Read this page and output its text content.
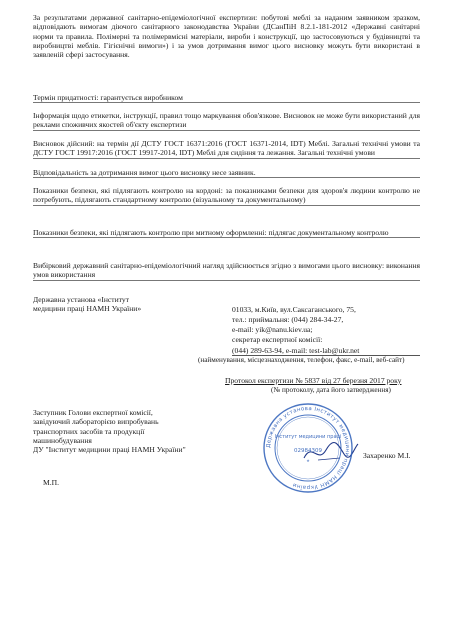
За результатами державної санітарно-епідеміологічної експертизи: побутові меблі за наданим заявником зразком, відповідають вимогам діючого санітарного законодавства України (ДСанПіН 8.2.1-181-2012 «Державні санітарні норми та правила. Полімерні та полімервмісні матеріали, вироби і конструкції, що застосовуються у будівництві та виробництві меблів. Гігієнічні вимоги») і за умов дотримання вимог цього висновку можуть бути використані в заявленій сфері застосування.
Термін придатності: гарантується виробником
Інформація щодо етикетки, інструкції, правил тощо маркування обов'язкове. Висновок не може бути використаний для реклами споживчих якостей об'єкту експертизи
Висновок дійсний: на термін дії ДСТУ ГОСТ 16371:2016 (ГОСТ 16371-2014, IDT) Меблі. Загальні технічні умови та ДСТУ ГОСТ 19917:2016 (ГОСТ 19917-2014, IDT) Меблі для сидіння та лежання. Загальні технічні умови
Відповідальність за дотримання вимог цього висновку несе заявник.
Показники безпеки, які підлягають контролю на кордоні: за показниками безпеки для здоров'я людини контролю не потребують, підлягають стандартному контролю (візуальному та документальному)
Показники безпеки, які підлягають контролю при митному оформленні: підлягає документальному контролю
Вибірковий державний санітарно-епідеміологічний нагляд здійснюється згідно з вимогами цього висновку: виконання умов використання
Державна установа «Інститут
медицини праці НАМН України»	01033, м.Київ, вул.Саксаганського, 75,
тел.: приймальня: (044) 284-34-27,
e-mail: yik@nanu.kiev.ua;
секретар експертної комісії:
(044) 289-63-94, e-mail: test-lab@ukr.net
(найменування, місцезнаходження, телефон, факс, e-mail, веб-сайт)
Протокол експертизи № 5837 від 27 березня 2017 року
(№ протоколу, дата його затвердження)
Заступник Голови експертної комісії,
завідуючий лабораторією випробувань
транспортних засобів та продукції
машинобудування
ДУ "Інститут медицини праці НАМН України"
М.П.
Захаренко М.І.
Державна установа Інститут медицини праці НАМН України
Інститут медицини праці
02984309
★
